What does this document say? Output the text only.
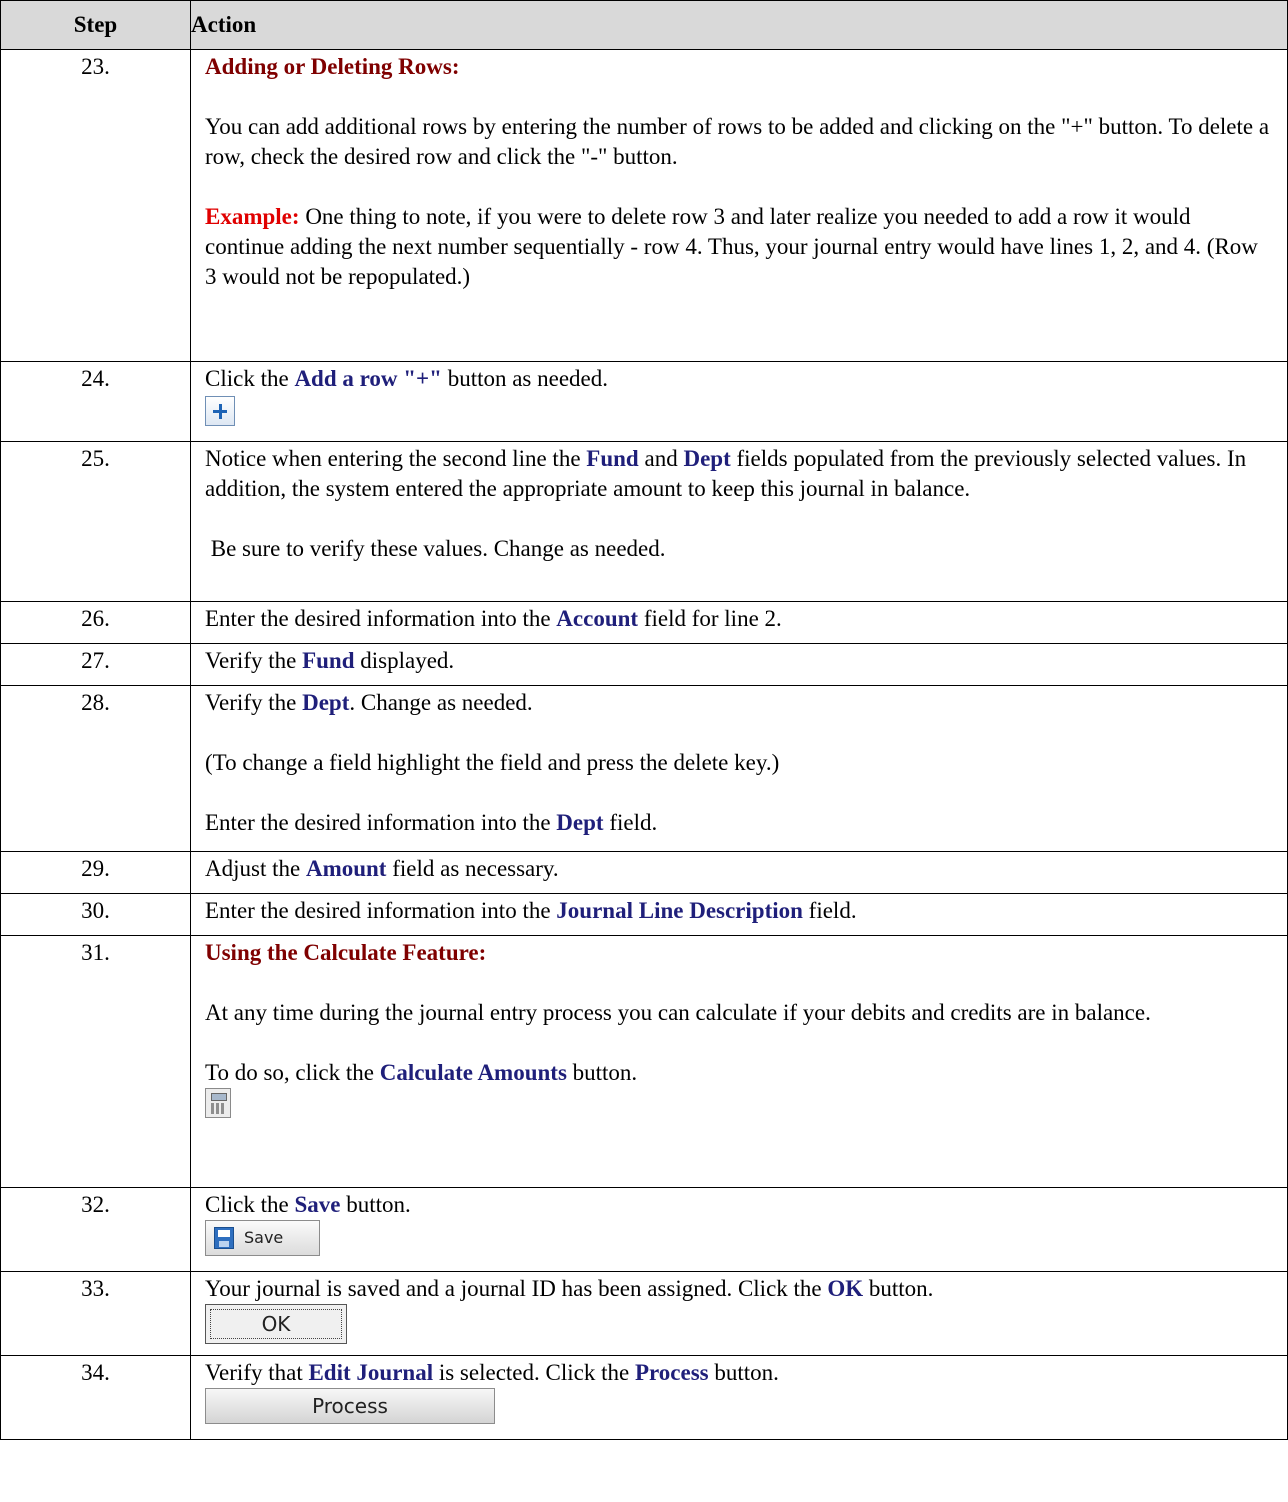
Step	Action
23.	Adding or Deleting Rows:

You can add additional rows by entering the number of rows to be added and clicking on the "+" button. To delete a row, check the desired row and click the "-" button.

Example: One thing to note, if you were to delete row 3 and later realize you needed to add a row it would continue adding the next number sequentially - row 4. Thus, your journal entry would have lines 1, 2, and 4. (Row 3 would not be repopulated.)

24.	Click the Add a row "+" button as needed.

25.	Notice when entering the second line the Fund and Dept fields populated from the previously selected values. In addition, the system entered the appropriate amount to keep this journal in balance.

Be sure to verify these values. Change as needed.

26.	Enter the desired information into the Account field for line 2.

27.	Verify the Fund displayed.

28.	Verify the Dept. Change as needed.

(To change a field highlight the field and press the delete key.)

Enter the desired information into the Dept field.

29.	Adjust the Amount field as necessary.

30.	Enter the desired information into the Journal Line Description field.

31.	Using the Calculate Feature:

At any time during the journal entry process you can calculate if your debits and credits are in balance.

To do so, click the Calculate Amounts button.

32.	Click the Save button.

Save

33.	Your journal is saved and a journal ID has been assigned. Click the OK button.

OK

34.	Verify that Edit Journal is selected. Click the Process button.

Process
